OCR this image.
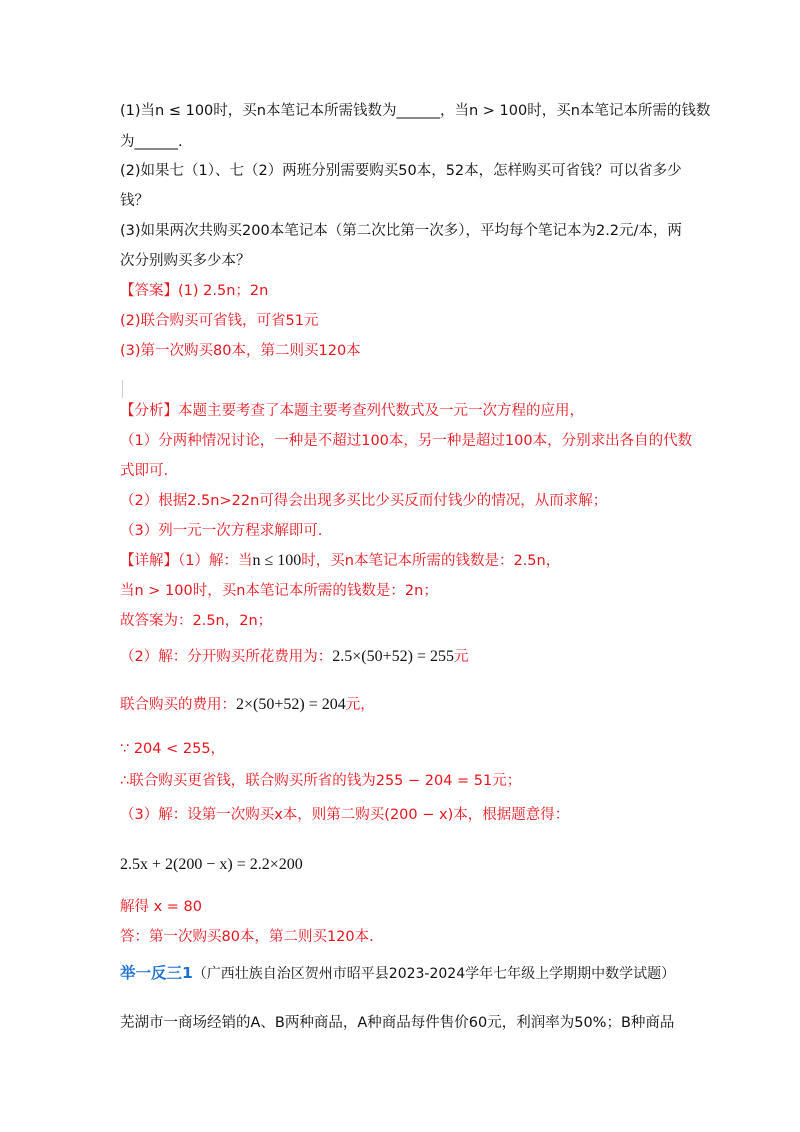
(1)当n ≤ 100时，买n本笔记本所需钱数为______，当n > 100时，买n本笔记本所需的钱数
为______.
(2)如果七（1）、七（2）两班分别需要购买50本，52本，怎样购买可省钱？可以省多少
钱？
(3)如果两次共购买200本笔记本（第二次比第一次多），平均每个笔记本为2.2元/本，两
次分别购买多少本？
【答案】(1) 2.5n；2n
(2)联合购买可省钱，可省51元
(3)第一次购买80本，第二则买120本
【分析】本题主要考查了本题主要考查列代数式及一元一次方程的应用，
（1）分两种情况讨论，一种是不超过100本，另一种是超过100本，分别求出各自的代数
式即可.
（2）根据2.5n>22n可得会出现多买比少买反而付钱少的情况，从而求解；
（3）列一元一次方程求解即可.
【详解】（1）解：当n ≤ 100时，买n本笔记本所需的钱数是：2.5n，
当n > 100时，买n本笔记本所需的钱数是：2n；
故答案为：2.5n，2n；
（2）解：分开购买所花费用为：2.5×(50+52) = 255元
联合购买的费用：2×(50+52) = 204元，
∵ 204 < 255，
∴联合购买更省钱，联合购买所省的钱为255 − 204 = 51元；
（3）解：设第一次购买x本，则第二购买(200 − x)本，根据题意得：
2.5x + 2(200 − x) = 2.2×200
解得 x = 80
答：第一次购买80本，第二则买120本.
举一反三1（广西壮族自治区贺州市昭平县2023-2024学年七年级上学期期中数学试题）
芜湖市一商场经销的A、B两种商品，A种商品每件售价60元，利润率为50%；B种商品
